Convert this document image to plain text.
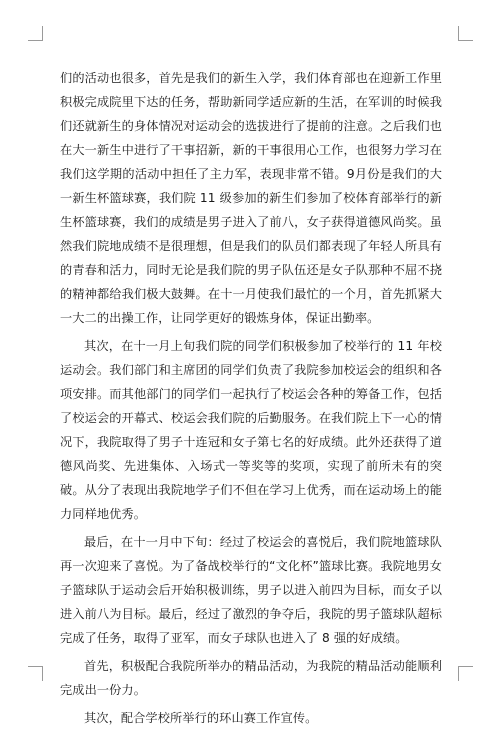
们的活动也很多，首先是我们的新生入学，我们体育部也在迎新工作里积极完成院里下达的任务，帮助新同学适应新的生活，在军训的时候我们还就新生的身体情况对运动会的选拔进行了提前的注意。之后我们也在大一新生中进行了干事招新，新的干事很用心工作，也很努力学习在我们这学期的活动中担任了主力军，表现非常不错。9月份是我们的大一新生杯篮球赛，我们院 11 级参加的新生们参加了校体育部举行的新生杯篮球赛，我们的成绩是男子进入了前八，女子获得道德风尚奖。虽然我们院地成绩不是很理想，但是我们的队员们都表现了年轻人所具有的青春和活力，同时无论是我们院的男子队伍还是女子队那种不屈不挠的精神都给我们极大鼓舞。在十一月使我们最忙的一个月，首先抓紧大一大二的出操工作，让同学更好的锻炼身体，保证出勤率。

其次，在十一月上旬我们院的同学们积极参加了校举行的 11 年校运动会。我们部门和主席团的同学们负责了我院参加校运会的组织和各项安排。而其他部门的同学们一起执行了校运会各种的筹备工作，包括了校运会的开幕式、校运会我们院的后勤服务。在我们院上下一心的情况下，我院取得了男子十连冠和女子第七名的好成绩。此外还获得了道德风尚奖、先进集体、入场式一等奖等的奖项，实现了前所未有的突破。从分了表现出我院地学子们不但在学习上优秀，而在运动场上的能力同样地优秀。

最后，在十一月中下旬：经过了校运会的喜悦后，我们院地篮球队再一次迎来了喜悦。为了备战校举行的“文化杯”篮球比赛。我院地男女子篮球队于运动会后开始积极训练，男子以进入前四为目标，而女子以进入前八为目标。最后，经过了激烈的争夺后，我院的男子篮球队超标完成了任务，取得了亚军，而女子球队也进入了 8 强的好成绩。

首先，积极配合我院所举办的精品活动，为我院的精品活动能顺利完成出一份力。

其次，配合学校所举行的环山赛工作宣传。
